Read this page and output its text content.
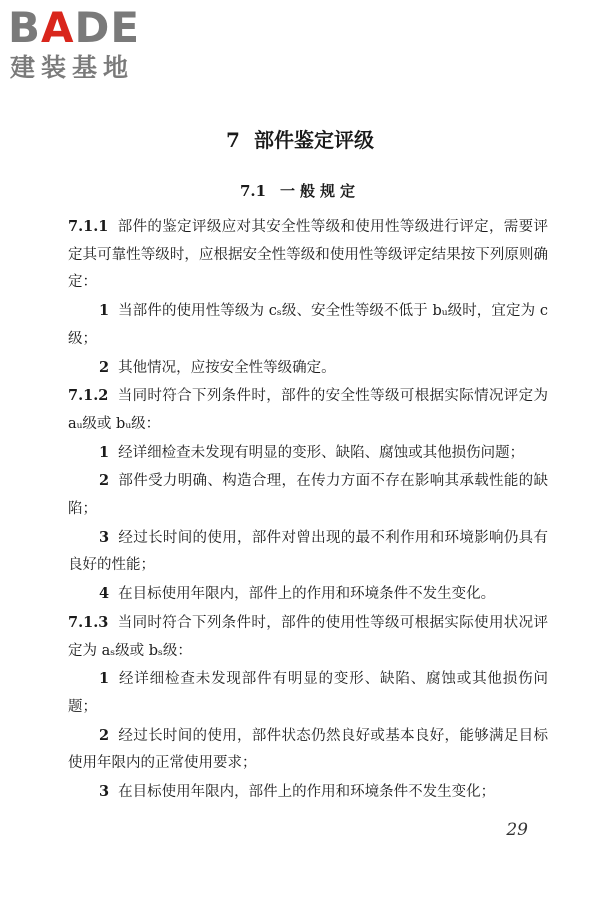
BADE

建装基地

7 部件鉴定评级
7.1 一般规定

7.1.1 部件的鉴定评级应对其安全性等级和使用性等级进行评定，需要评定其可靠性等级时，应根据安全性等级和使用性等级评定结果按下列原则确定：

1 当部件的使用性等级为 cₛ级、安全性等级不低于 bᵤ级时，宜定为 c 级；

2 其他情况，应按安全性等级确定。

7.1.2 当同时符合下列条件时，部件的安全性等级可根据实际情况评定为 aᵤ级或 bᵤ级：

1 经详细检查未发现有明显的变形、缺陷、腐蚀或其他损伤问题；

2 部件受力明确、构造合理，在传力方面不存在影响其承载性能的缺陷；

3 经过长时间的使用，部件对曾出现的最不利作用和环境影响仍具有良好的性能；

4 在目标使用年限内，部件上的作用和环境条件不发生变化。

7.1.3 当同时符合下列条件时，部件的使用性等级可根据实际使用状况评定为 aₛ级或 bₛ级：

1 经详细检查未发现部件有明显的变形、缺陷、腐蚀或其他损伤问题；

2 经过长时间的使用，部件状态仍然良好或基本良好，能够满足目标使用年限内的正常使用要求；

3 在目标使用年限内，部件上的作用和环境条件不发生变化；

29
